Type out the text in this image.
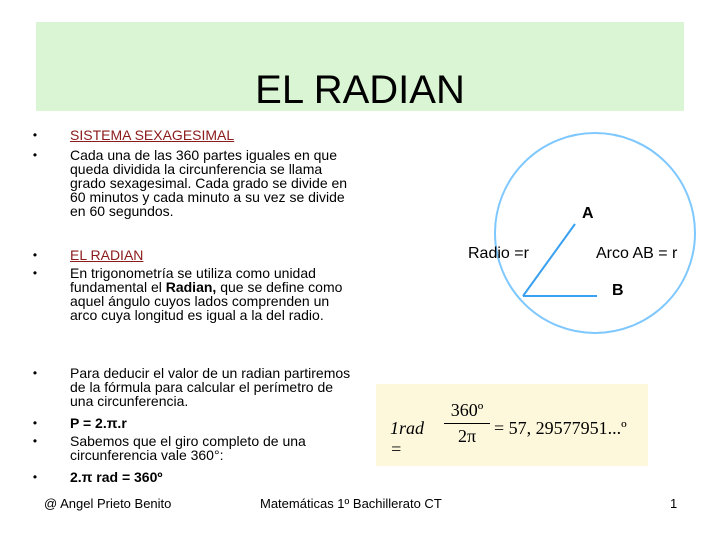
EL RADIAN
• SISTEMA SEXAGESIMAL
• Cada una de las 360 partes iguales en que queda dividida la circunferencia se llama grado sexagesimal. Cada grado se divide en 60 minutos y cada minuto a su vez se divide en 60 segundos.
• EL RADIAN
• En trigonometría se utiliza como unidad fundamental el Radian, que se define como aquel ángulo cuyos lados comprenden un arco cuya longitud es igual a la del radio.
• Para deducir el valor de un radian partiremos de la fórmula para calcular el perímetro de una circunferencia.
• P = 2.π.r
• Sabemos que el giro completo de una circunferencia vale 360°:
• 2.π rad = 360º
A
Radio =r	Arco AB = r
B
1rad =
$\frac{\text{360º}}{2\pi} = 57$, 29577951...º
@ Angel Prieto Benito	Matemáticas 1º Bachillerato CT	1
